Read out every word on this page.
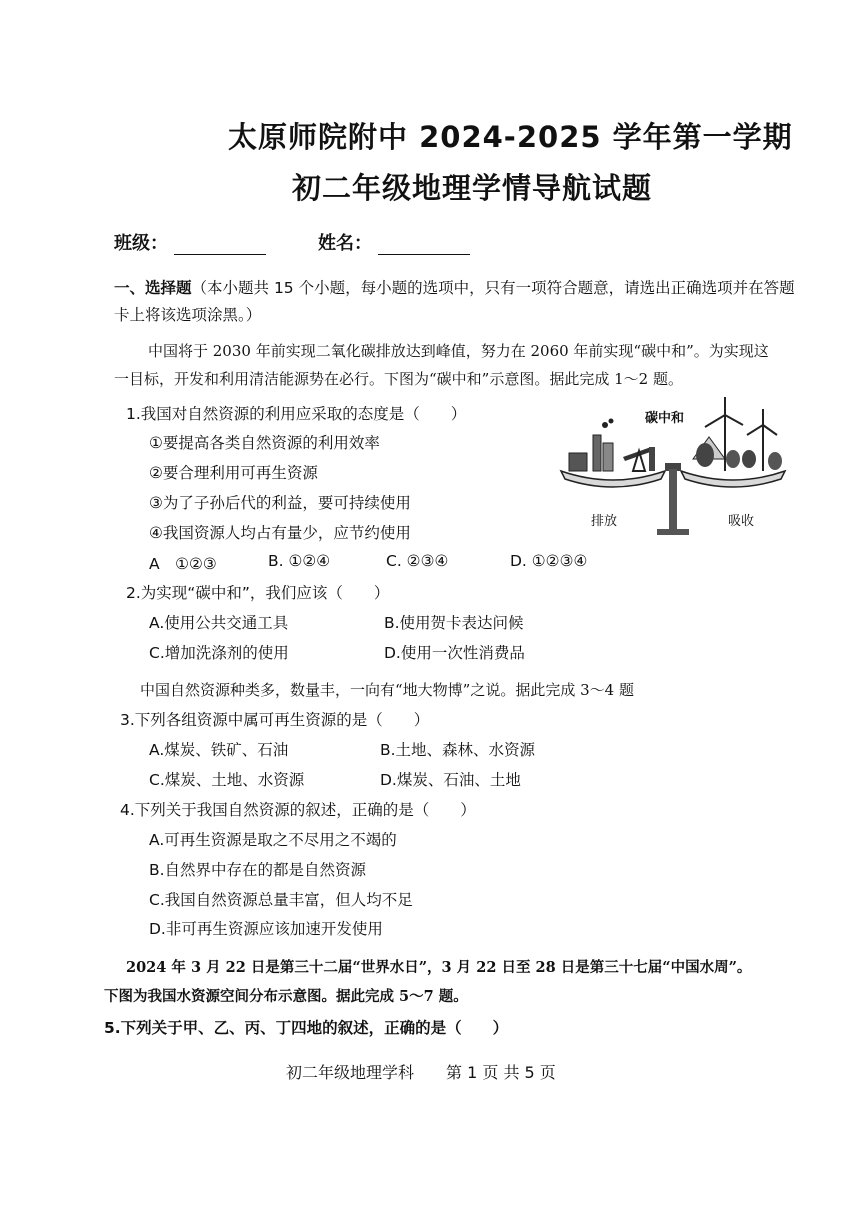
太原师院附中 2024-2025 学年第一学期
初二年级地理学情导航试题
班级：	姓名：
一、选择题（本小题共 15 个小题，每小题的选项中，只有一项符合题意，请选出正确选项并在答题
卡上将该选项涂黑。）
中国将于 2030 年前实现二氧化碳排放达到峰值，努力在 2060 年前实现“碳中和”。为实现这
一目标，开发和利用清洁能源势在必行。下图为“碳中和”示意图。据此完成 1～2 题。
1.我国对自然资源的利用应采取的态度是（　　）
①要提高各类自然资源的利用效率
②要合理利用可再生资源
③为了子孙后代的利益，要可持续使用
④我国资源人均占有量少，应节约使用
A　①②③	B. ①②④	C. ②③④	D. ①②③④
碳中和
排放	吸收
2.为实现“碳中和”，我们应该（　　）
A.使用公共交通工具	B.使用贺卡表达问候
C.增加洗涤剂的使用	D.使用一次性消费品
中国自然资源种类多，数量丰，一向有“地大物博”之说。据此完成 3～4 题
3.下列各组资源中属可再生资源的是（　　）
A.煤炭、铁矿、石油	B.土地、森林、水资源
C.煤炭、土地、水资源	D.煤炭、石油、土地
4.下列关于我国自然资源的叙述，正确的是（　　）
A.可再生资源是取之不尽用之不竭的
B.自然界中存在的都是自然资源
C.我国自然资源总量丰富，但人均不足
D.非可再生资源应该加速开发使用
2024 年 3 月 22 日是第三十二届“世界水日”，3 月 22 日至 28 日是第三十七届“中国水周”。
下图为我国水资源空间分布示意图。据此完成 5～7 题。
5.下列关于甲、乙、丙、丁四地的叙述，正确的是（　　）
初二年级地理学科 第 1 页 共 5 页
